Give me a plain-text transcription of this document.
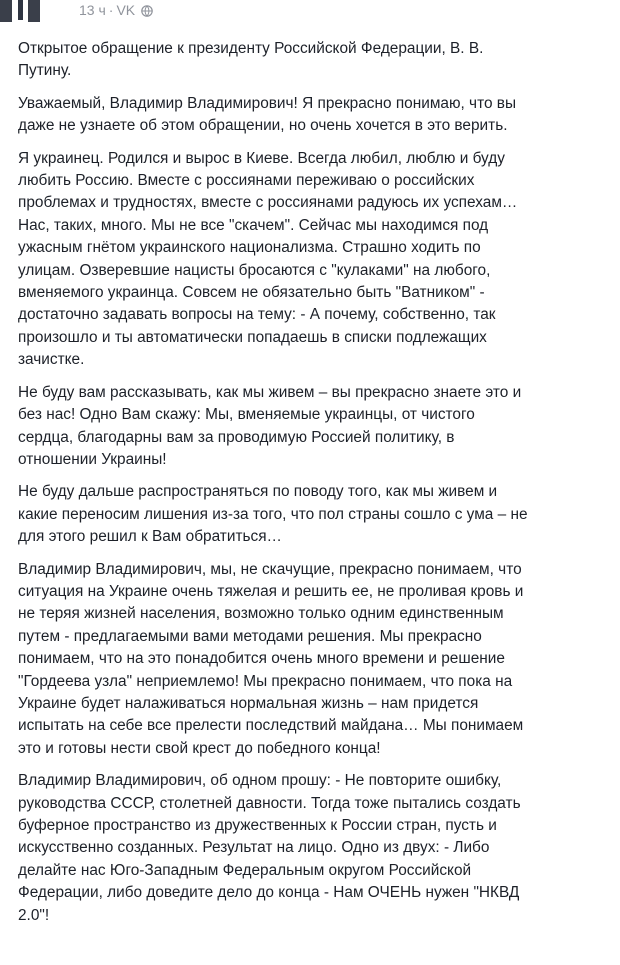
13 ч · VK

Открытое обращение к президенту Российской Федерации, В. В.
Путину.

Уважаемый, Владимир Владимирович! Я прекрасно понимаю, что вы
даже не узнаете об этом обращении, но очень хочется в это верить.

Я украинец. Родился и вырос в Киеве. Всегда любил, люблю и буду
любить Россию. Вместе с россиянами переживаю о российских
проблемах и трудностях, вместе с россиянами радуюсь их успехам…
Нас, таких, много. Мы не все "скачем". Сейчас мы находимся под
ужасным гнётом украинского национализма. Страшно ходить по
улицам. Озверевшие нацисты бросаются с "кулаками" на любого,
вменяемого украинца. Совсем не обязательно быть "Ватником" -
достаточно задавать вопросы на тему: - А почему, собственно, так
произошло и ты автоматически попадаешь в списки подлежащих
зачистке.

Не буду вам рассказывать, как мы живем – вы прекрасно знаете это и
без нас! Одно Вам скажу: Мы, вменяемые украинцы, от чистого
сердца, благодарны вам за проводимую Россией политику, в
отношении Украины!

Не буду дальше распространяться по поводу того, как мы живем и
какие переносим лишения из-за того, что пол страны сошло с ума – не
для этого решил к Вам обратиться…

Владимир Владимирович, мы, не скачущие, прекрасно понимаем, что
ситуация на Украине очень тяжелая и решить ее, не проливая кровь и
не теряя жизней населения, возможно только одним единственным
путем - предлагаемыми вами методами решения. Мы прекрасно
понимаем, что на это понадобится очень много времени и решение
"Гордеева узла" неприемлемо! Мы прекрасно понимаем, что пока на
Украине будет налаживаться нормальная жизнь – нам придется
испытать на себе все прелести последствий майдана… Мы понимаем
это и готовы нести свой крест до победного конца!

Владимир Владимирович, об одном прошу: - Не повторите ошибку,
руководства СССР, столетней давности. Тогда тоже пытались создать
буферное пространство из дружественных к России стран, пусть и
искусственно созданных. Результат на лицо. Одно из двух: - Либо
делайте нас Юго-Западным Федеральным округом Российской
Федерации, либо доведите дело до конца - Нам ОЧЕНЬ нужен "НКВД
2.0"!
